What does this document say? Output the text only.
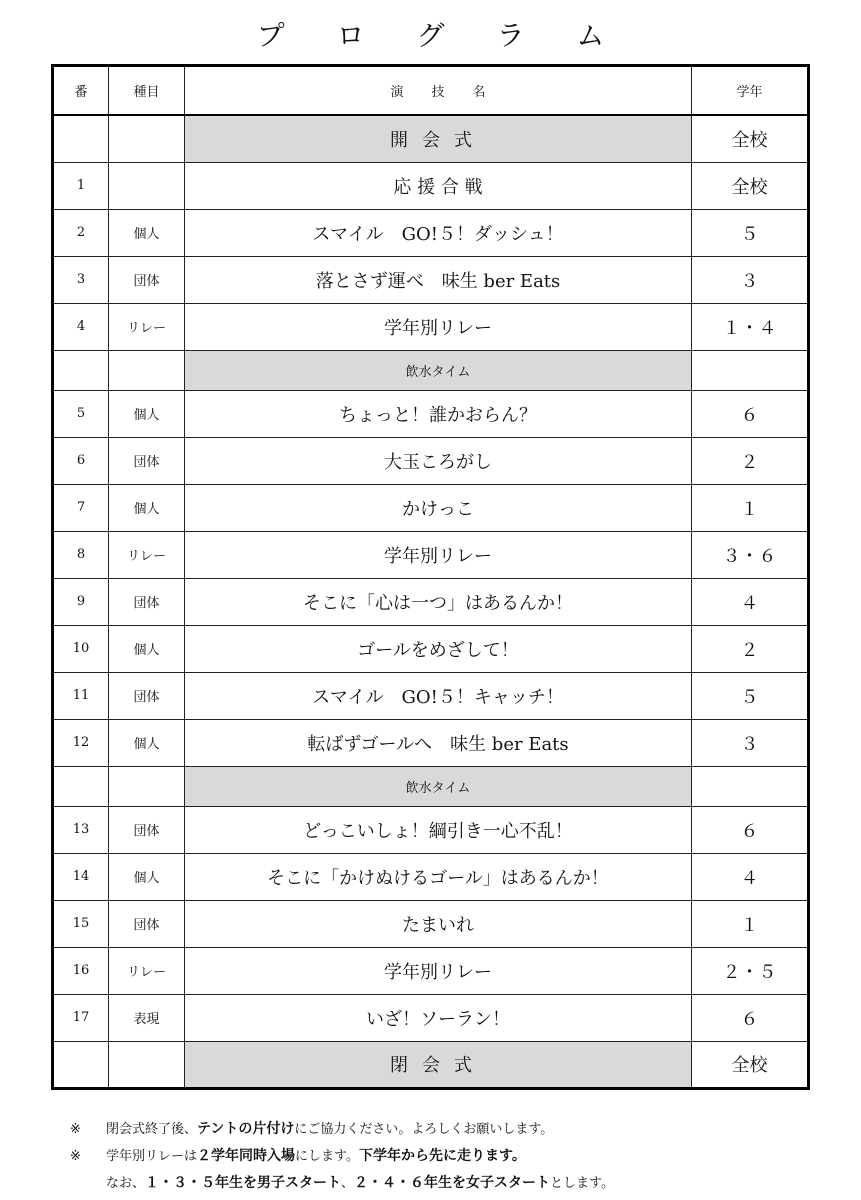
プログラム
番	種目	演技名	学年
		開会式	全校
1		応 援 合 戦	全校
2	個人	スマイル　GO!５！ダッシュ！	５
3	団体	落とさず運べ　味生 ber Eats	３
4	リレー	学年別リレー	１・４
		飲水タイム	
5	個人	ちょっと！誰かおらん？	６
6	団体	大玉ころがし	２
7	個人	かけっこ	１
8	リレー	学年別リレー	３・６
9	団体	そこに「心は一つ」はあるんか！	４
10	個人	ゴールをめざして！	２
11	団体	スマイル　GO!５！キャッチ！	５
12	個人	転ばずゴールへ　味生 ber Eats	３
		飲水タイム	
13	団体	どっこいしょ！綱引き一心不乱！	６
14	個人	そこに「かけぬけるゴール」はあるんか！	４
15	団体	たまいれ	１
16	リレー	学年別リレー	２・５
17	表現	いざ！ソーラン！	６
		閉会式	全校
※ 閉会式終了後、テントの片付けにご協力ください。よろしくお願いします。
※ 学年別リレーは２学年同時入場にします。下学年から先に走ります。
なお、１・３・５年生を男子スタート、２・４・６年生を女子スタートとします。
